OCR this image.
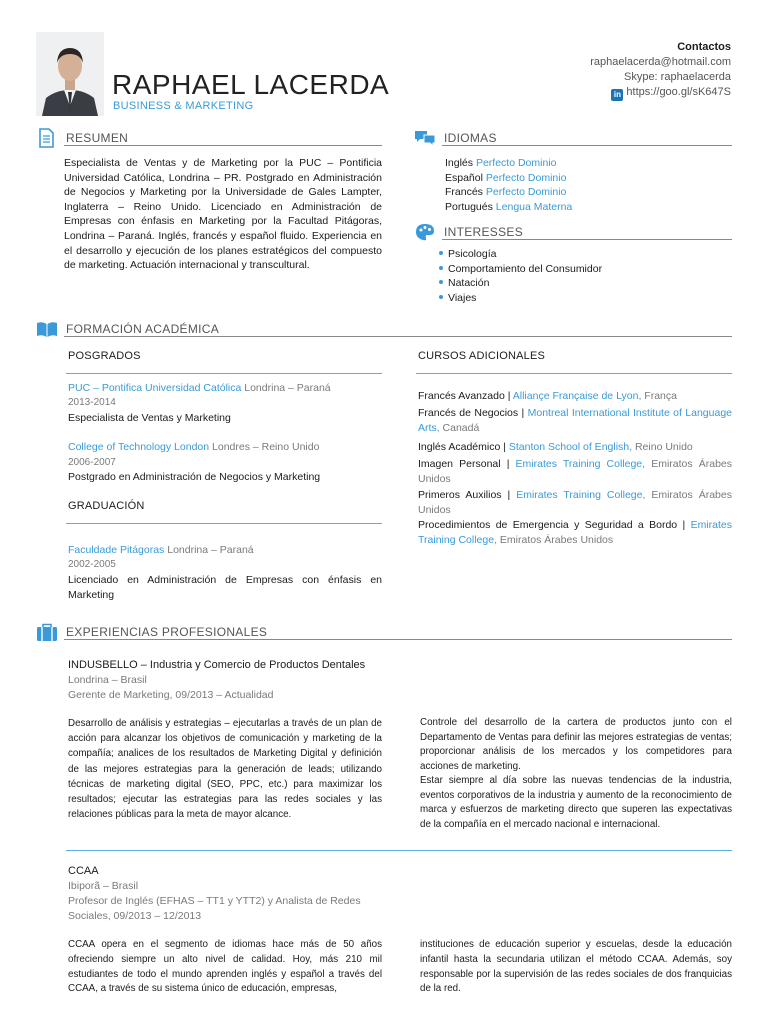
RAPHAEL LACERDA
BUSINESS & MARKETING
Contactos
raphaelacerda@hotmail.com
Skype: raphaelacerda
in https://goo.gl/sK647S
RESUMEN
Especialista de Ventas y de Marketing por la PUC – Pontificia Universidad Católica, Londrina – PR. Postgrado en Administración de Negocios y Marketing por la Universidade de Gales Lampter, Inglaterra – Reino Unido. Licenciado en Administración de Empresas con énfasis en Marketing por la Facultad Pitágoras, Londrina – Paraná. Inglés, francés y español fluido. Experiencia en el desarrollo y ejecución de los planes estratégicos del compuesto de marketing. Actuación internacional y transcultural.
IDIOMAS
Inglés Perfecto Dominio
Español Perfecto Dominio
Francés Perfecto Dominio
Portugués Lengua Materna
INTERESSES
Psicología
Comportamiento del Consumidor
Natación
Viajes
FORMACIÓN ACADÉMICA
POSGRADOS
PUC – Pontifica Universidad Católica Londrina – Paraná
2013-2014
Especialista de Ventas y Marketing
College of Technology London Londres – Reino Unido
2006-2007
Postgrado en Administración de Negocios y Marketing
GRADUACIÓN
Faculdade Pitágoras Londrina – Paraná
2002-2005
Licenciado en Administración de Empresas con énfasis en Marketing
CURSOS ADICIONALES
Francés Avanzado | Alliançe Française de Lyon, França
Francés de Negocios | Montreal International Institute of Language Arts, Canadá
Inglés Académico | Stanton School of English, Reino Unido
Imagen Personal | Emirates Training College, Emiratos Árabes Unidos
Primeros Auxilios | Emirates Training College, Emiratos Árabes Unidos
Procedimientos de Emergencia y Seguridad a Bordo | Emirates Training College, Emiratos Árabes Unidos
EXPERIENCIAS PROFESIONALES
INDUSBELLO – Industria y Comercio de Productos Dentales
Londrina – Brasil
Gerente de Marketing, 09/2013 – Actualidad
Desarrollo de análisis y estrategias – ejecutarlas a través de un plan de acción para alcanzar los objetivos de comunicación y marketing de la compañía; analices de los resultados de Marketing Digital y definición de las mejores estrategias para la generación de leads; utilizando técnicas de marketing digital (SEO, PPC, etc.) para maximizar los resultados; ejecutar las estrategias para las redes sociales y las relaciones públicas para la meta de mayor alcance.
Controle del desarrollo de la cartera de productos junto con el Departamento de Ventas para definir las mejores estrategias de ventas; proporcionar análisis de los mercados y los competidores para acciones de marketing.
Estar siempre al día sobre las nuevas tendencias de la industria, eventos corporativos de la industria y aumento de la reconocimiento de marca y esfuerzos de marketing directo que superen las expectativas de la compañía en el mercado nacional e internacional.
CCAA
Ibiporã – Brasil
Profesor de Inglés (EFHAS – TT1 y YTT2) y Analista de Redes Sociales, 09/2013 – 12/2013
CCAA opera en el segmento de idiomas hace más de 50 años ofreciendo siempre un alto nivel de calidad. Hoy, más 210 mil estudiantes de todo el mundo aprenden inglés y español a través del CCAA, a través de su sistema único de educación, empresas,
instituciones de educación superior y escuelas, desde la educación infantil hasta la secundaria utilizan el método CCAA. Además, soy responsable por la supervisión de las redes sociales de dos franquicias de la red.
